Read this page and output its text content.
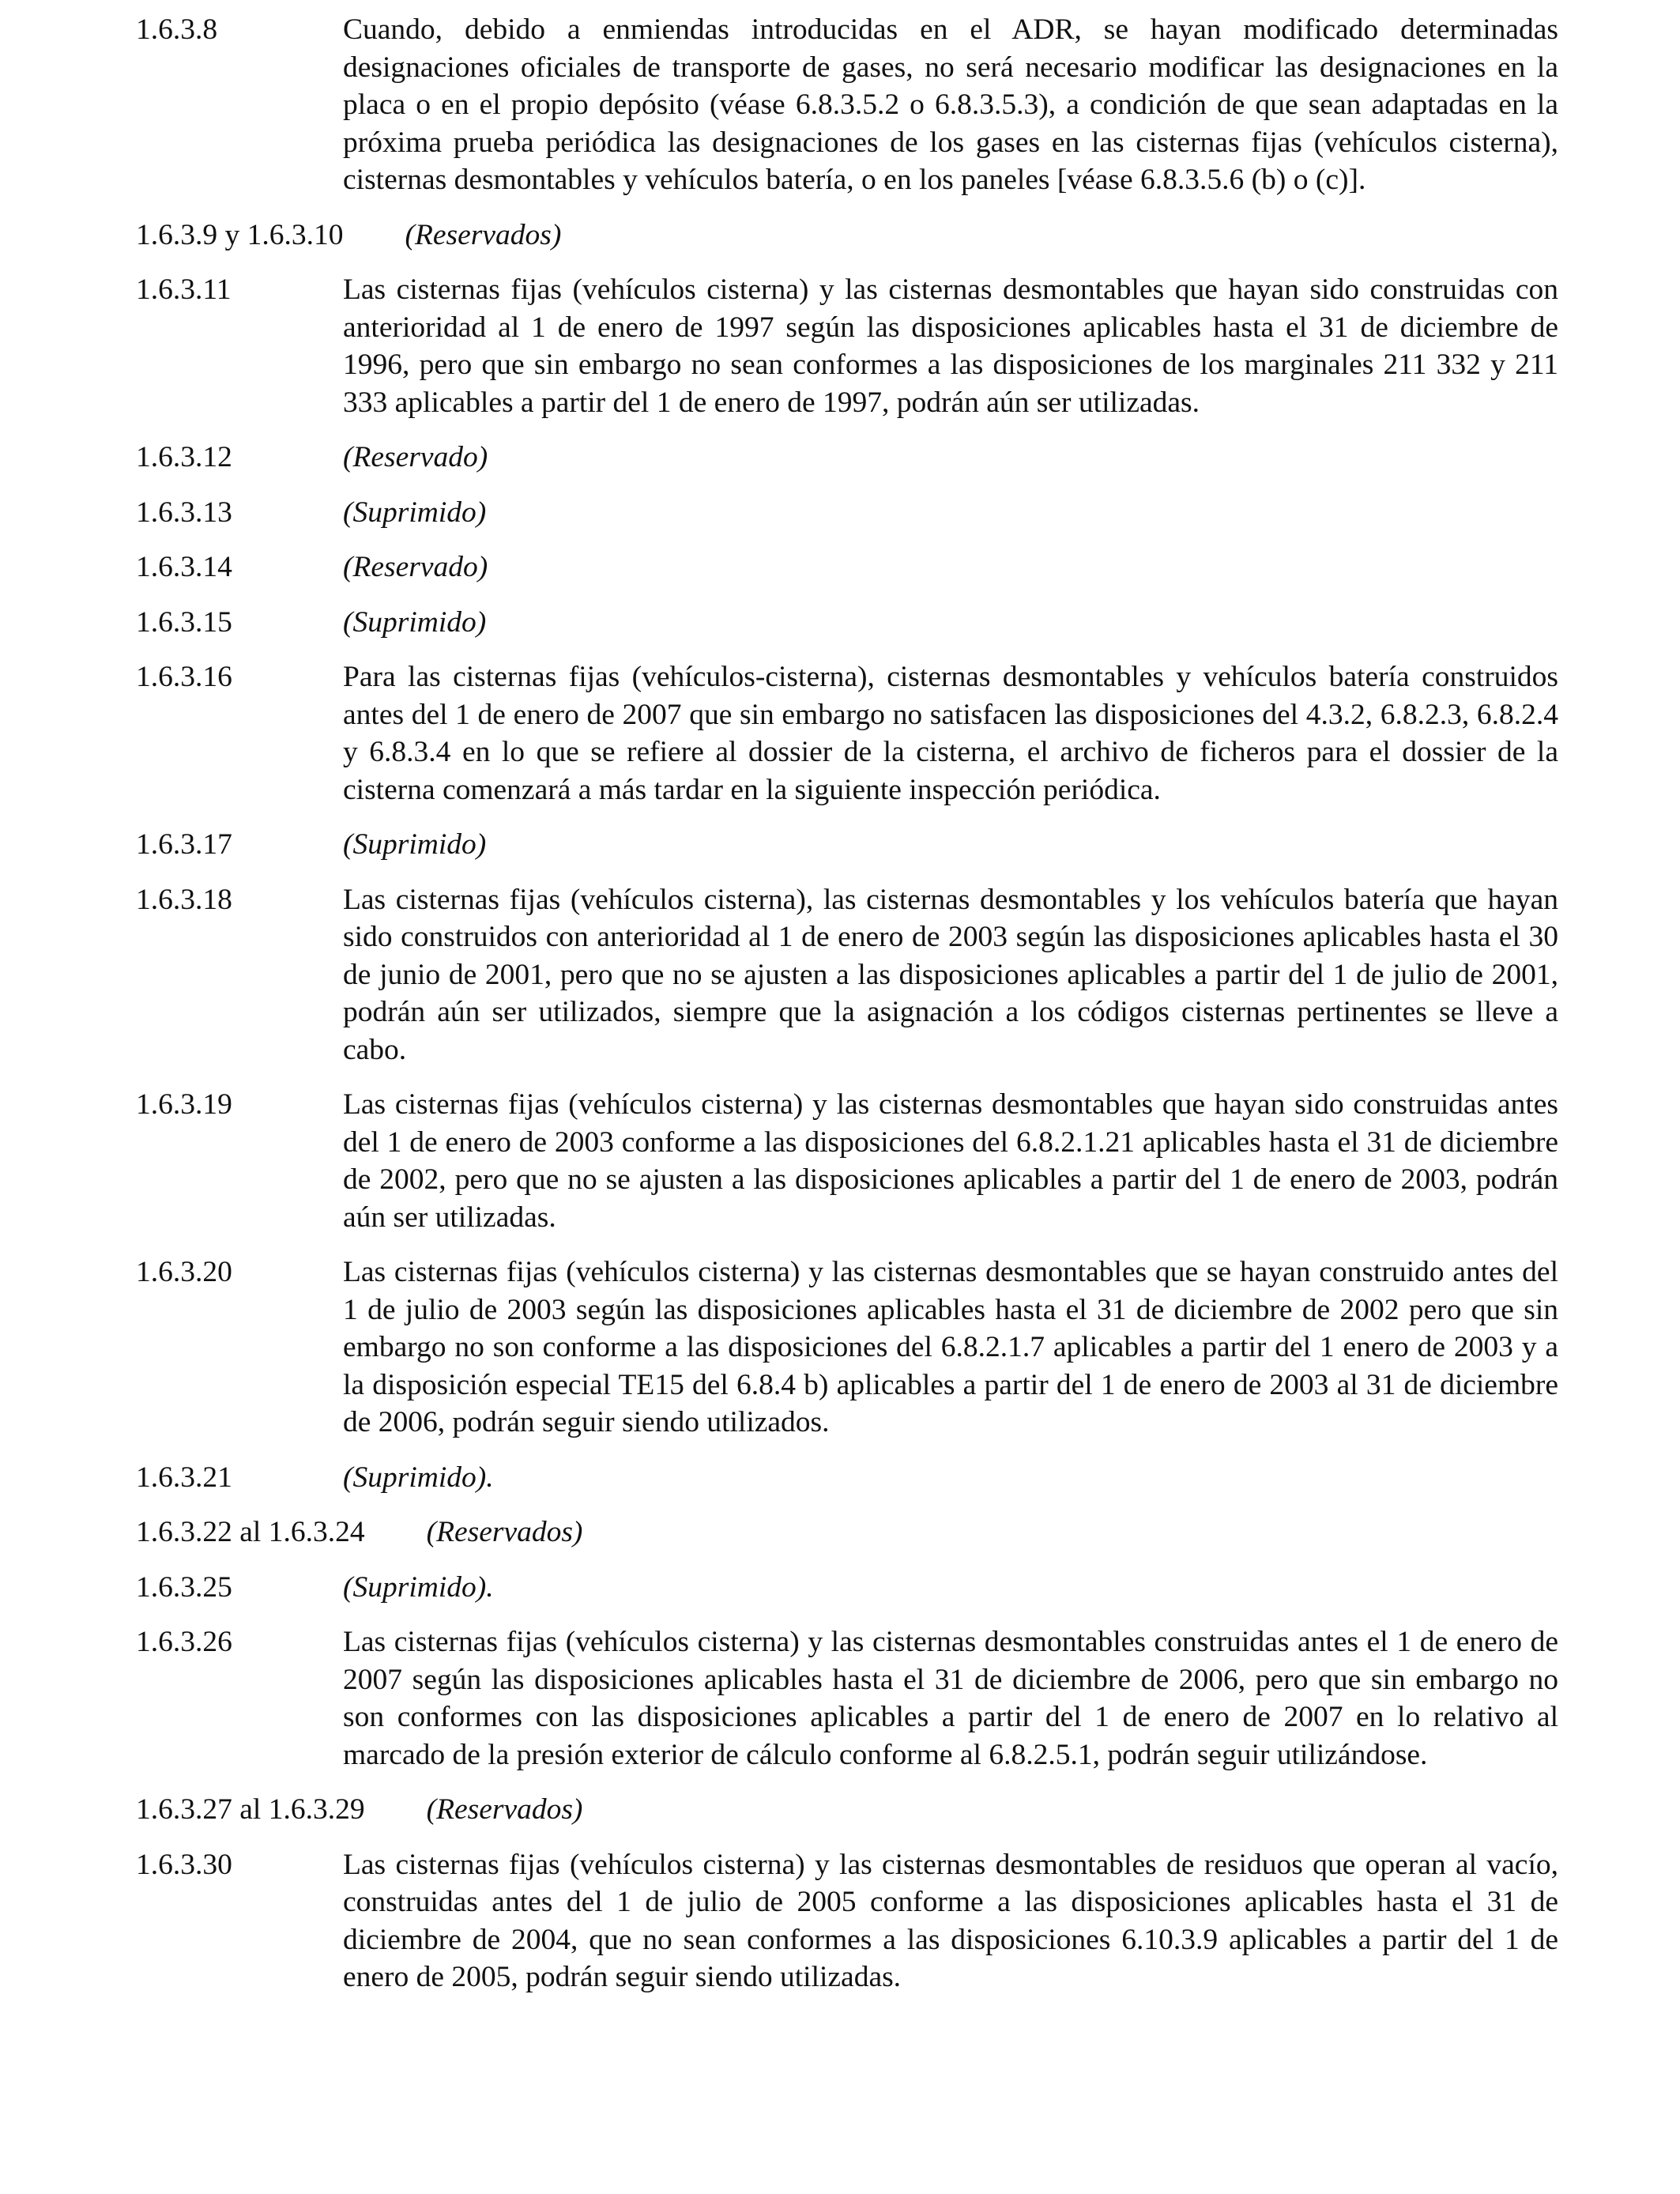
1.6.3.8	Cuando, debido a enmiendas introducidas en el ADR, se hayan modificado determinadas designaciones oficiales de transporte de gases, no será necesario modificar las designaciones en la placa o en el propio depósito (véase 6.8.3.5.2 o 6.8.3.5.3), a condición de que sean adaptadas en la próxima prueba periódica las designaciones de los gases en las cisternas fijas (vehículos cisterna), cisternas desmontables y vehículos batería, o en los paneles [véase 6.8.3.5.6 (b) o (c)].
1.6.3.9 y 1.6.3.10 (Reservados)
1.6.3.11	Las cisternas fijas (vehículos cisterna) y las cisternas desmontables que hayan sido construidas con anterioridad al 1 de enero de 1997 según las disposiciones aplicables hasta el 31 de diciembre de 1996, pero que sin embargo no sean conformes a las disposiciones de los marginales 211 332 y 211 333 aplicables a partir del 1 de enero de 1997, podrán aún ser utilizadas.
1.6.3.12	(Reservado)
1.6.3.13	(Suprimido)
1.6.3.14	(Reservado)
1.6.3.15	(Suprimido)
1.6.3.16	Para las cisternas fijas (vehículos-cisterna), cisternas desmontables y vehículos batería construidos antes del 1 de enero de 2007 que sin embargo no satisfacen las disposiciones del 4.3.2, 6.8.2.3, 6.8.2.4 y 6.8.3.4 en lo que se refiere al dossier de la cisterna, el archivo de ficheros para el dossier de la cisterna comenzará a más tardar en la siguiente inspección periódica.
1.6.3.17	(Suprimido)
1.6.3.18	Las cisternas fijas (vehículos cisterna), las cisternas desmontables y los vehículos batería que hayan sido construidos con anterioridad al 1 de enero de 2003 según las disposiciones aplicables hasta el 30 de junio de 2001, pero que no se ajusten a las disposiciones aplicables a partir del 1 de julio de 2001, podrán aún ser utilizados, siempre que la asignación a los códigos cisternas pertinentes se lleve a cabo.
1.6.3.19	Las cisternas fijas (vehículos cisterna) y las cisternas desmontables que hayan sido construidas antes del 1 de enero de 2003 conforme a las disposiciones del 6.8.2.1.21 aplicables hasta el 31 de diciembre de 2002, pero que no se ajusten a las disposiciones aplicables a partir del 1 de enero de 2003, podrán aún ser utilizadas.
1.6.3.20	Las cisternas fijas (vehículos cisterna) y las cisternas desmontables que se hayan construido antes del 1 de julio de 2003 según las disposiciones aplicables hasta el 31 de diciembre de 2002 pero que sin embargo no son conforme a las disposiciones del 6.8.2.1.7 aplicables a partir del 1 enero de 2003 y a la disposición especial TE15 del 6.8.4 b) aplicables a partir del 1 de enero de 2003 al 31 de diciembre de 2006, podrán seguir siendo utilizados.
1.6.3.21	(Suprimido).
1.6.3.22 al 1.6.3.24 (Reservados)
1.6.3.25	(Suprimido).
1.6.3.26	Las cisternas fijas (vehículos cisterna) y las cisternas desmontables construidas antes el 1 de enero de 2007 según las disposiciones aplicables hasta el 31 de diciembre de 2006, pero que sin embargo no son conformes con las disposiciones aplicables a partir del 1 de enero de 2007 en lo relativo al marcado de la presión exterior de cálculo conforme al 6.8.2.5.1, podrán seguir utilizándose.
1.6.3.27 al 1.6.3.29 (Reservados)
1.6.3.30	Las cisternas fijas (vehículos cisterna) y las cisternas desmontables de residuos que operan al vacío, construidas antes del 1 de julio de 2005 conforme a las disposiciones aplicables hasta el 31 de diciembre de 2004, que no sean conformes a las disposiciones 6.10.3.9 aplicables a partir del 1 de enero de 2005, podrán seguir siendo utilizadas.
